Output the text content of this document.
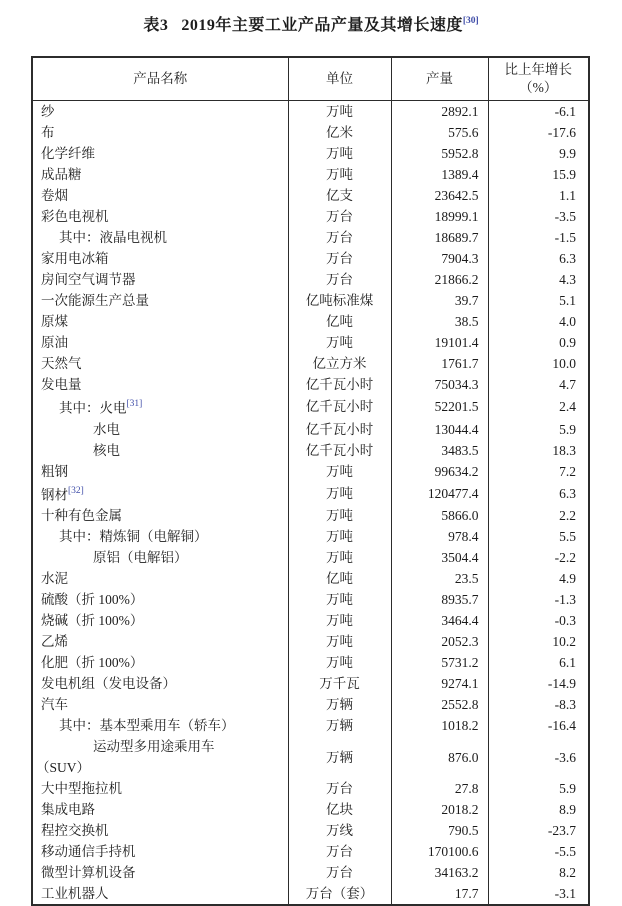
表3 2019年主要工业产品产量及其增长速度[30]
产品名称	单位	产量	比上年增长
（%）

纱	万吨	2892.1	-6.1

布	亿米	575.6	-17.6

化学纤维	万吨	5952.8	9.9

成品糖	万吨	1389.4	15.9

卷烟	亿支	23642.5	1.1

彩色电视机	万台	18999.1	-3.5

其中：液晶电视机	万台	18689.7	-1.5

家用电冰箱	万台	7904.3	6.3

房间空气调节器	万台	21866.2	4.3

一次能源生产总量	亿吨标准煤	39.7	5.1

原煤	亿吨	38.5	4.0

原油	万吨	19101.4	0.9

天然气	亿立方米	1761.7	10.0

发电量	亿千瓦小时	75034.3	4.7

其中：火电[31]	亿千瓦小时	52201.5	2.4

水电	亿千瓦小时	13044.4	5.9

核电	亿千瓦小时	3483.5	18.3

粗钢	万吨	99634.2	7.2

钢材[32]	万吨	120477.4	6.3

十种有色金属	万吨	5866.0	2.2

其中：精炼铜（电解铜）	万吨	978.4	5.5

原铝（电解铝）	万吨	3504.4	-2.2

水泥	亿吨	23.5	4.9

硫酸（折 100%）	万吨	8935.7	-1.3

烧碱（折 100%）	万吨	3464.4	-0.3

乙烯	万吨	2052.3	10.2

化肥（折 100%）	万吨	5731.2	6.1

发电机组（发电设备）	万千瓦	9274.1	-14.9

汽车	万辆	2552.8	-8.3

其中：基本型乘用车（轿车）	万辆	1018.2	-16.4

运动型多用途乘用车
（SUV）	万辆	876.0	-3.6

大中型拖拉机	万台	27.8	5.9

集成电路	亿块	2018.2	8.9

程控交换机	万线	790.5	-23.7

移动通信手持机	万台	170100.6	-5.5

微型计算机设备	万台	34163.2	8.2

工业机器人	万台（套）	17.7	-3.1
